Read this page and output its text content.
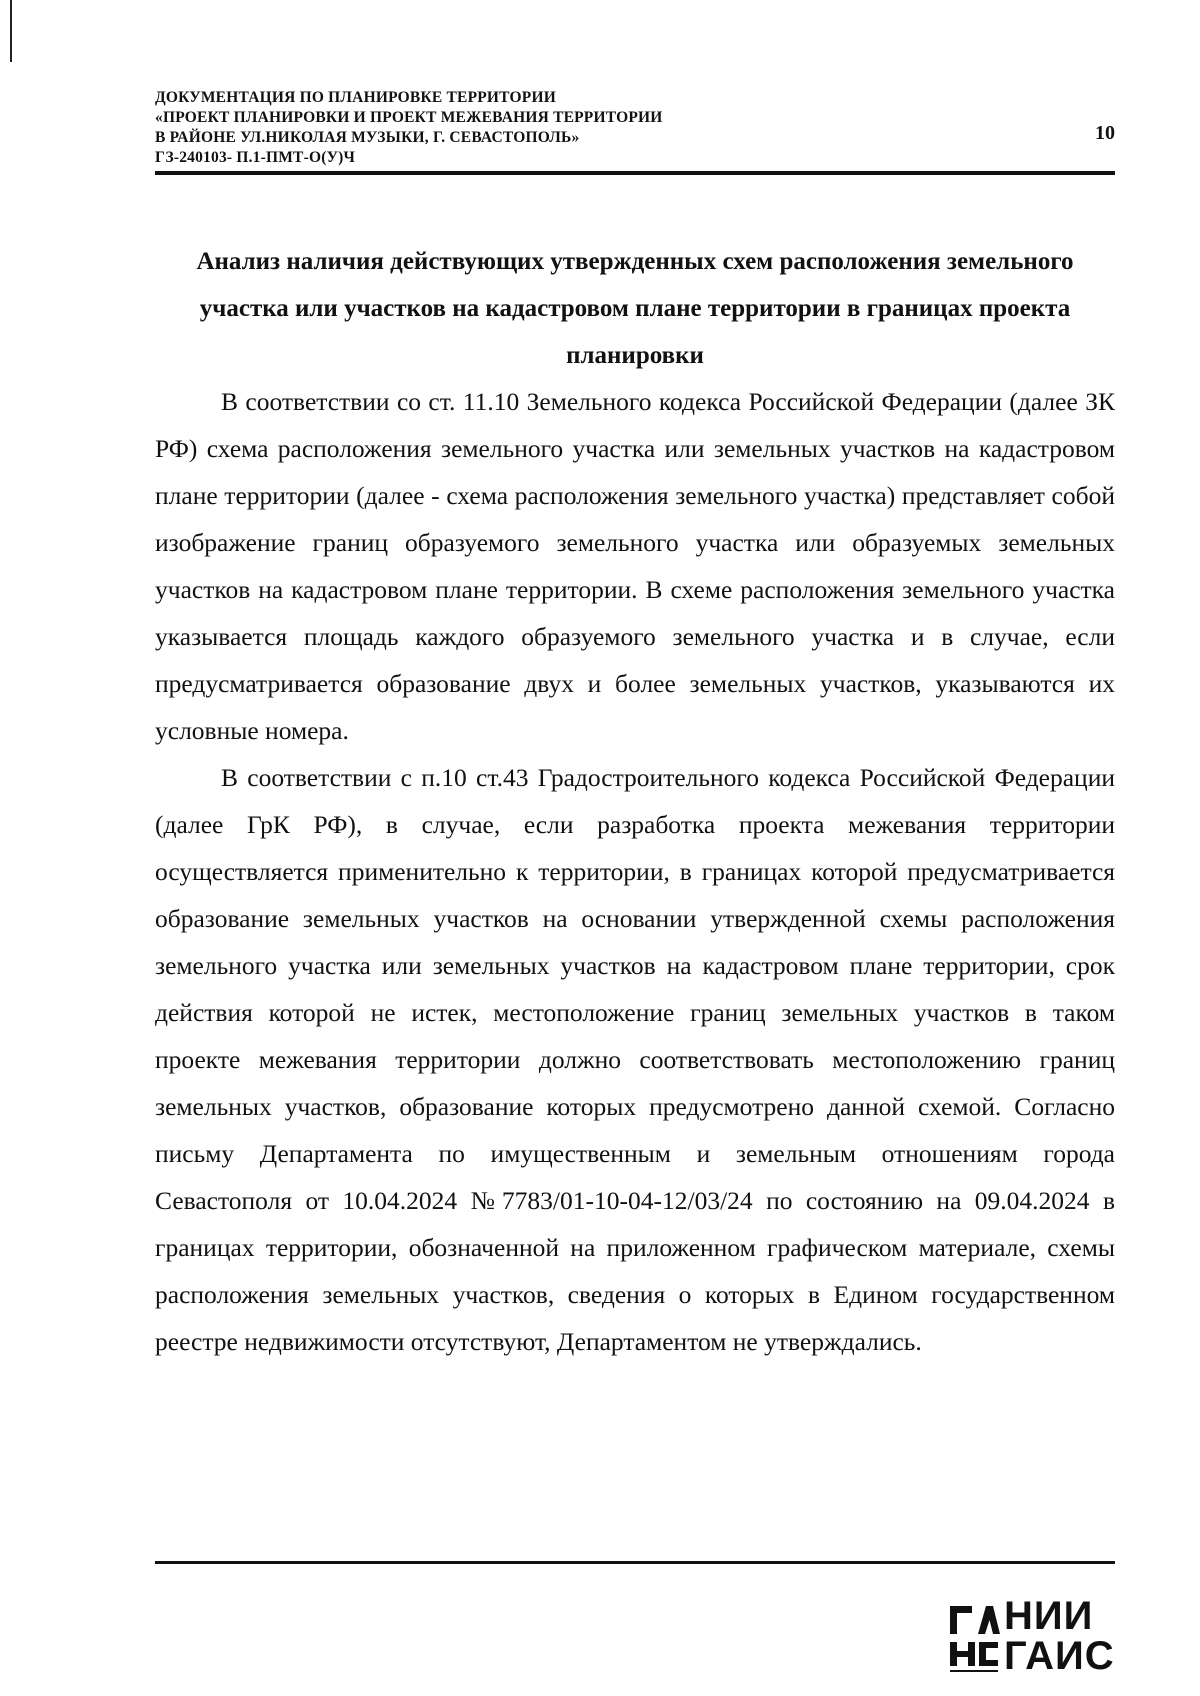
ДОКУМЕНТАЦИЯ ПО ПЛАНИРОВКЕ ТЕРРИТОРИИ
«ПРОЕКТ ПЛАНИРОВКИ И ПРОЕКТ МЕЖЕВАНИЯ ТЕРРИТОРИИ
В РАЙОНЕ УЛ.НИКОЛАЯ МУЗЫКИ, Г. СЕВАСТОПОЛЬ»
ГЗ-240103- П.1-ПМТ-О(У)Ч
10
Анализ наличия действующих утвержденных схем расположения земельного участка или участков на кадастровом плане территории в границах проекта планировки

В соответствии со ст. 11.10 Земельного кодекса Российской Федерации (далее ЗК РФ) схема расположения земельного участка или земельных участков на кадастровом плане территории (далее - схема расположения земельного участка) представляет собой изображение границ образуемого земельного участка или образуемых земельных участков на кадастровом плане территории. В схеме расположения земельного участка указывается площадь каждого образуемого земельного участка и в случае, если предусматривается образование двух и более земельных участков, указываются их условные номера.

В соответствии с п.10 ст.43 Градостроительного кодекса Российской Федерации (далее ГрК РФ), в случае, если разработка проекта межевания территории осуществляется применительно к территории, в границах которой предусматривается образование земельных участков на основании утвержденной схемы расположения земельного участка или земельных участков на кадастровом плане территории, срок действия которой не истек, местоположение границ земельных участков в таком проекте межевания территории должно соответствовать местоположению границ земельных участков, образование которых предусмотрено данной схемой. Согласно письму Департамента по имущественным и земельным отношениям города Севастополя от 10.04.2024 №7783/01-10-04-12/03/24 по состоянию на 09.04.2024 в границах территории, обозначенной на приложенном графическом материале, схемы расположения земельных участков, сведения о которых в Едином государственном реестре недвижимости отсутствуют, Департаментом не утверждались.

НИИ
ГАИС
